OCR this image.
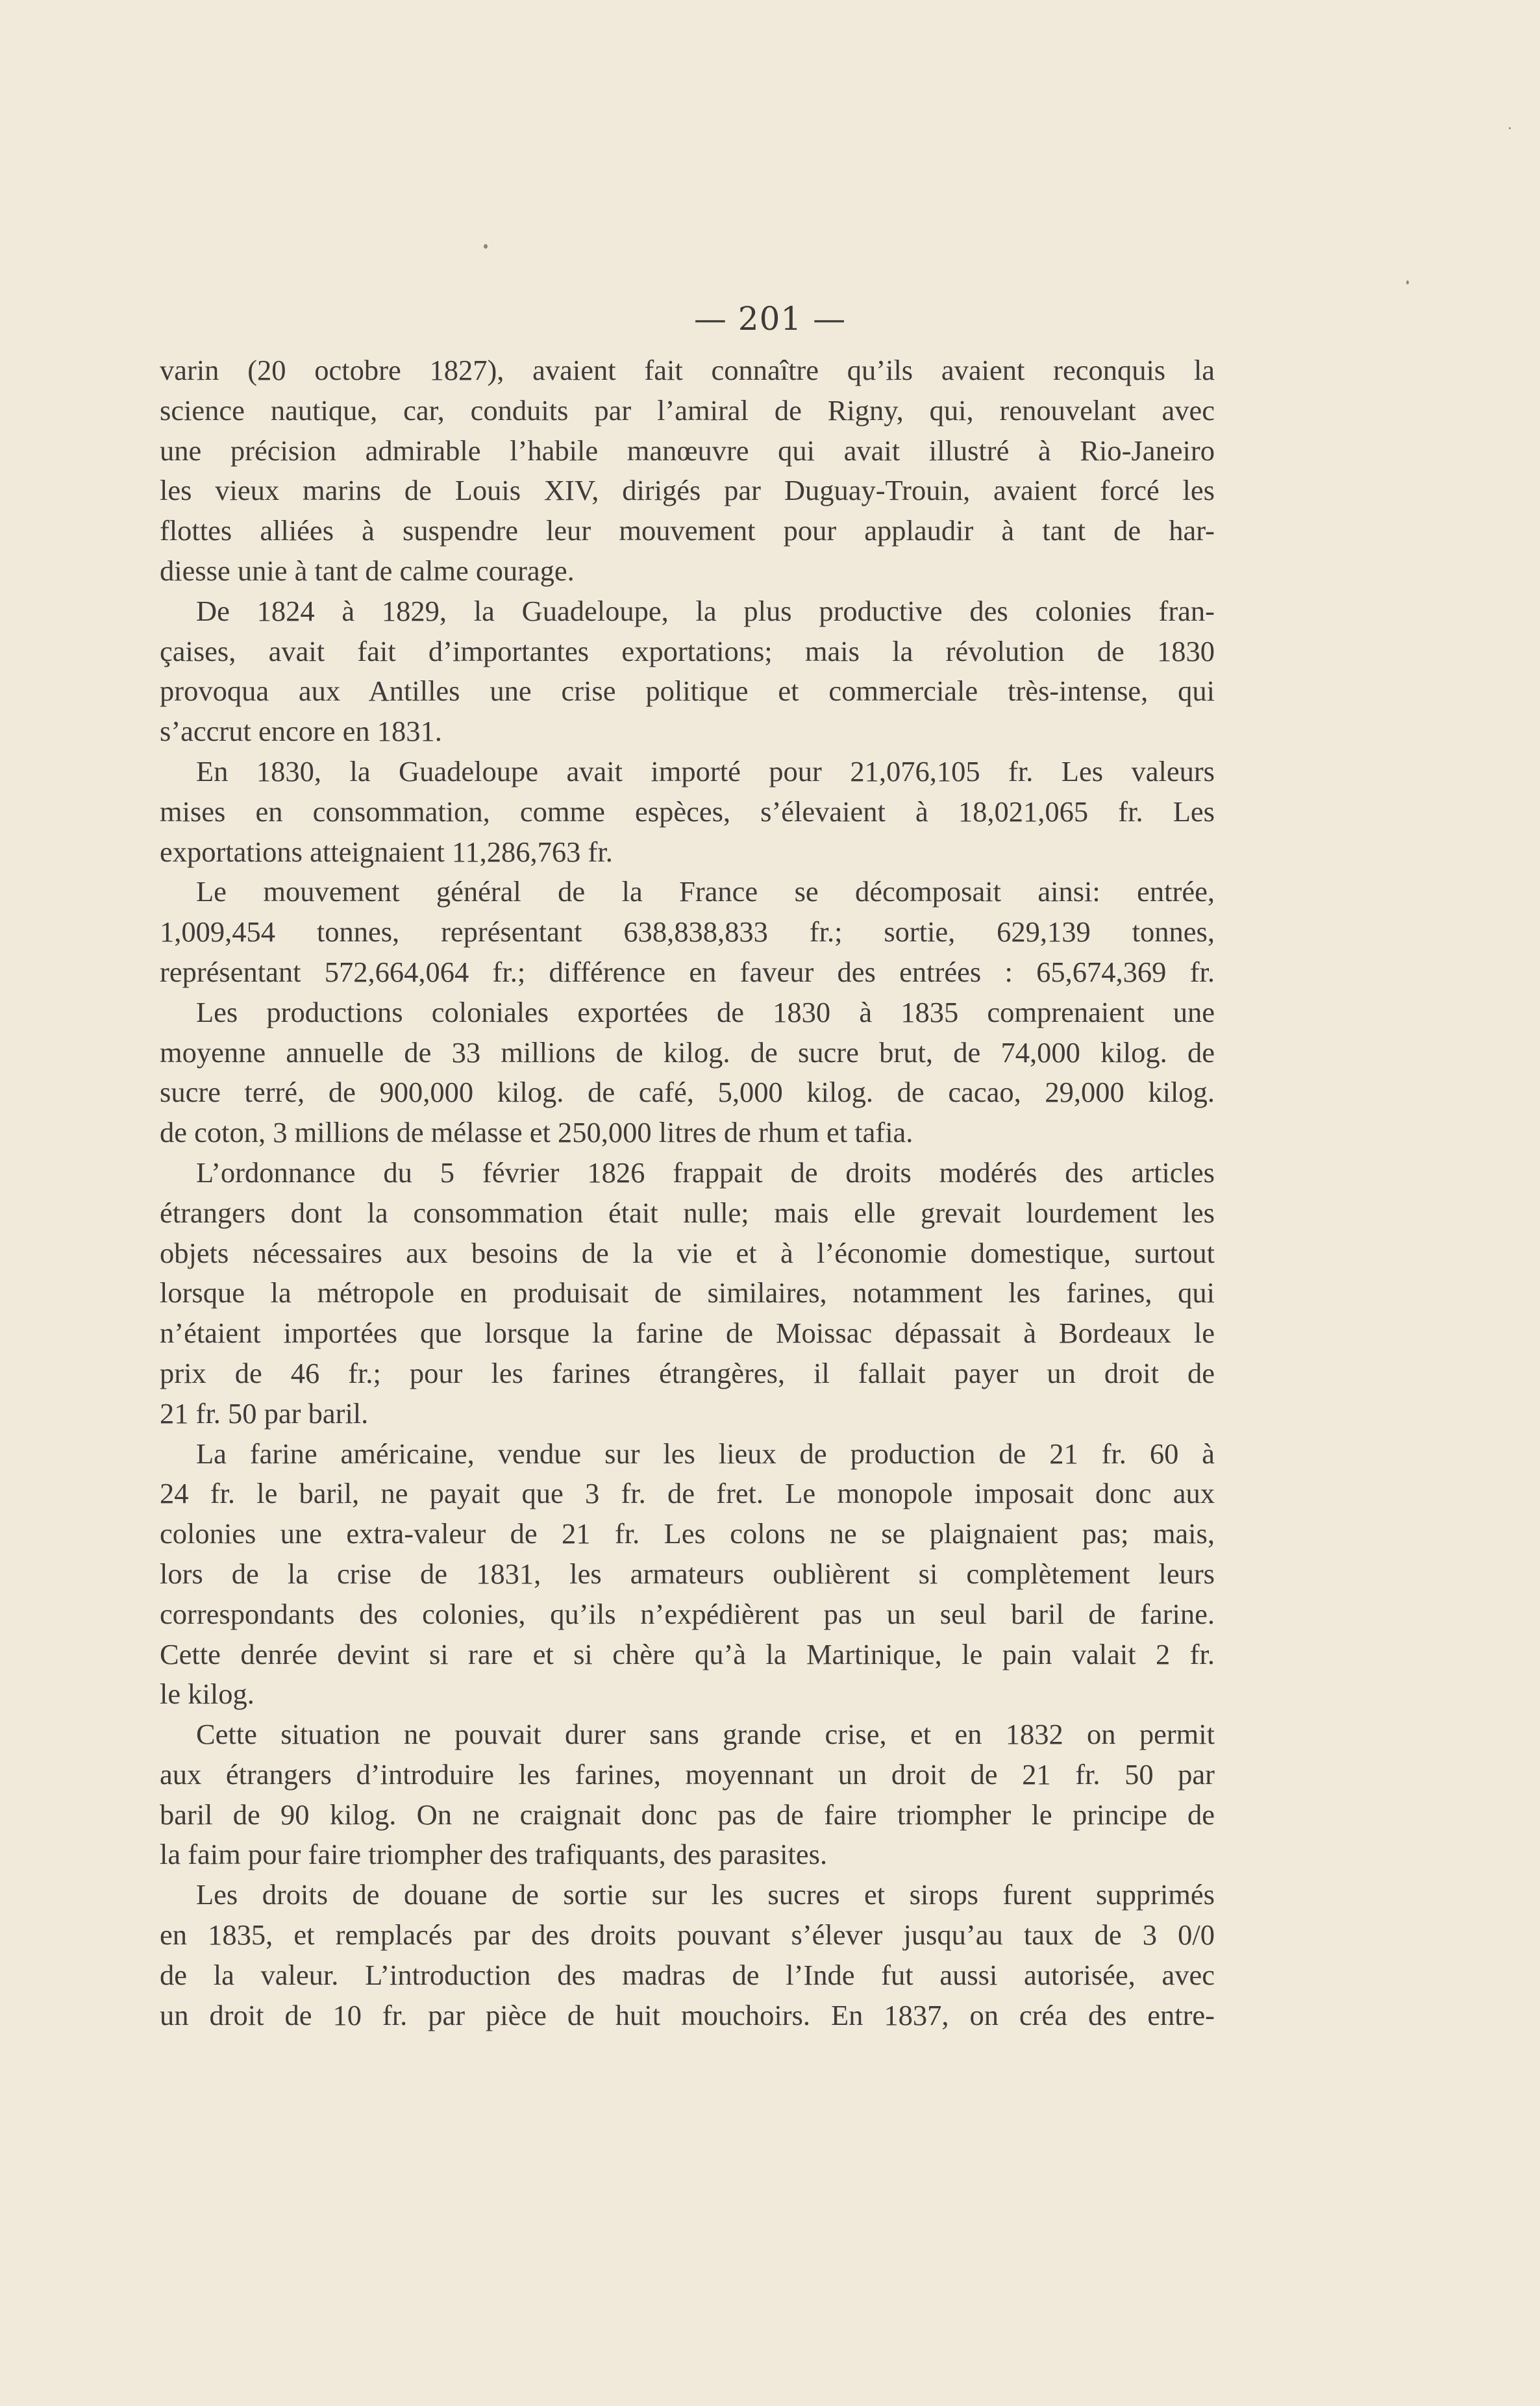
— 201 —
varin (20 octobre 1827), avaient fait connaître qu’ils avaient reconquis la
science nautique, car, conduits par l’amiral de Rigny, qui, renouvelant avec
une précision admirable l’habile manœuvre qui avait illustré à Rio-Janeiro
les vieux marins de Louis XIV, dirigés par Duguay-Trouin, avaient forcé les
flottes alliées à suspendre leur mouvement pour applaudir à tant de har-
diesse unie à tant de calme courage.
De 1824 à 1829, la Guadeloupe, la plus productive des colonies fran-
çaises, avait fait d’importantes exportations; mais la révolution de 1830
provoqua aux Antilles une crise politique et commerciale très-intense, qui
s’accrut encore en 1831.
En 1830, la Guadeloupe avait importé pour 21,076,105 fr. Les valeurs
mises en consommation, comme espèces, s’élevaient à 18,021,065 fr. Les
exportations atteignaient 11,286,763 fr.
Le mouvement général de la France se décomposait ainsi: entrée,
1,009,454 tonnes, représentant 638,838,833 fr.; sortie, 629,139 tonnes,
représentant 572,664,064 fr.; différence en faveur des entrées : 65,674,369 fr.
Les productions coloniales exportées de 1830 à 1835 comprenaient une
moyenne annuelle de 33 millions de kilog. de sucre brut, de 74,000 kilog. de
sucre terré, de 900,000 kilog. de café, 5,000 kilog. de cacao, 29,000 kilog.
de coton, 3 millions de mélasse et 250,000 litres de rhum et tafia.
L’ordonnance du 5 février 1826 frappait de droits modérés des articles
étrangers dont la consommation était nulle; mais elle grevait lourdement les
objets nécessaires aux besoins de la vie et à l’économie domestique, surtout
lorsque la métropole en produisait de similaires, notamment les farines, qui
n’étaient importées que lorsque la farine de Moissac dépassait à Bordeaux le
prix de 46 fr.; pour les farines étrangères, il fallait payer un droit de
21 fr. 50 par baril.
La farine américaine, vendue sur les lieux de production de 21 fr. 60 à
24 fr. le baril, ne payait que 3 fr. de fret. Le monopole imposait donc aux
colonies une extra-valeur de 21 fr. Les colons ne se plaignaient pas; mais,
lors de la crise de 1831, les armateurs oublièrent si complètement leurs
correspondants des colonies, qu’ils n’expédièrent pas un seul baril de farine.
Cette denrée devint si rare et si chère qu’à la Martinique, le pain valait 2 fr.
le kilog.
Cette situation ne pouvait durer sans grande crise, et en 1832 on permit
aux étrangers d’introduire les farines, moyennant un droit de 21 fr. 50 par
baril de 90 kilog. On ne craignait donc pas de faire triompher le principe de
la faim pour faire triompher des trafiquants, des parasites.
Les droits de douane de sortie sur les sucres et sirops furent supprimés
en 1835, et remplacés par des droits pouvant s’élever jusqu’au taux de 3 0/0
de la valeur. L’introduction des madras de l’Inde fut aussi autorisée, avec
un droit de 10 fr. par pièce de huit mouchoirs. En 1837, on créa des entre-
